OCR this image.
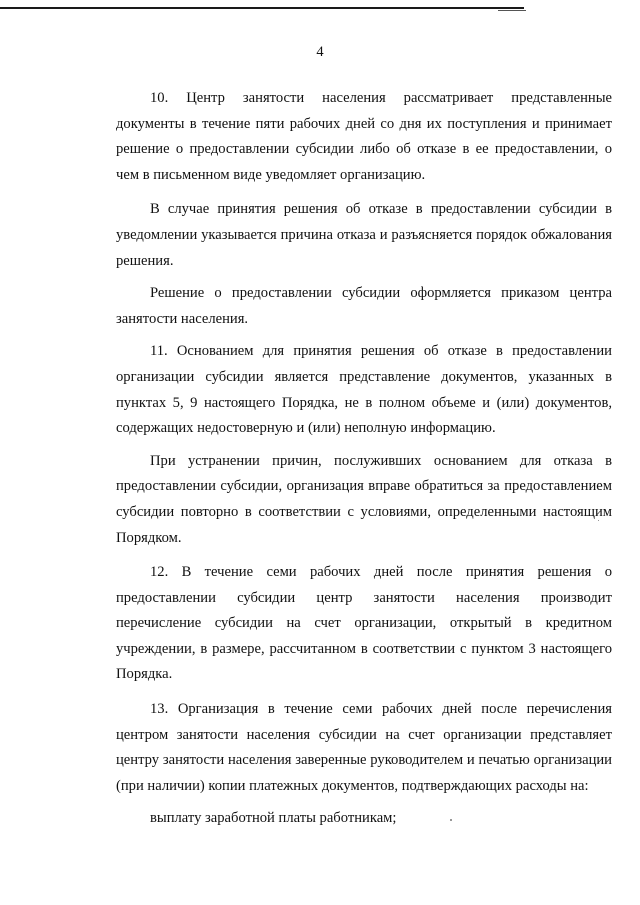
4

10. Центр занятости населения рассматривает представленные документы в течение пяти рабочих дней со дня их поступления и принимает решение о предоставлении субсидии либо об отказе в ее предоставлении, о чем в письменном виде уведомляет организацию.

В случае принятия решения об отказе в предоставлении субсидии в уведомлении указывается причина отказа и разъясняется порядок обжалования решения.

Решение о предоставлении субсидии оформляется приказом центра занятости населения.

11. Основанием для принятия решения об отказе в предоставлении организации субсидии является представление документов, указанных в пунктах 5, 9 настоящего Порядка, не в полном объеме и (или) документов, содержащих недостоверную и (или) неполную информацию.

При устранении причин, послуживших основанием для отказа в предоставлении субсидии, организация вправе обратиться за предоставлением субсидии повторно в соответствии с условиями, определенными настоящим Порядком.

12. В течение семи рабочих дней после принятия решения о предоставлении субсидии центр занятости населения производит перечисление субсидии на счет организации, открытый в кредитном учреждении, в размере, рассчитанном в соответствии с пунктом 3 настоящего Порядка.

13. Организация в течение семи рабочих дней после перечисления центром занятости населения субсидии на счет организации представляет центру занятости населения заверенные руководителем и печатью организации (при наличии) копии платежных документов, подтверждающих расходы на:

выплату заработной платы работникам;
